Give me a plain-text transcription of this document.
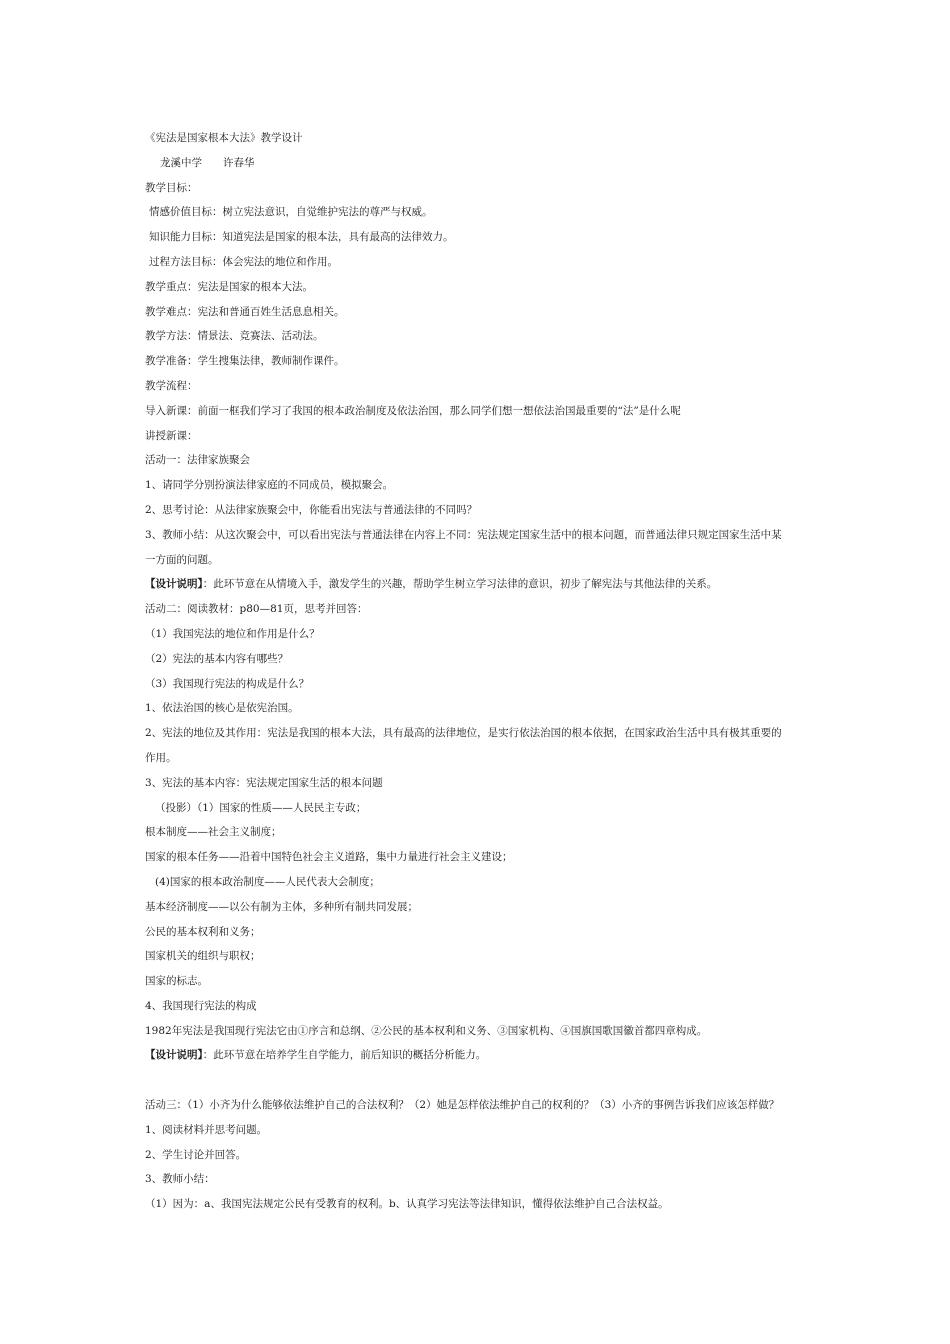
《宪法是国家根本大法》教学设计
龙溪中学　　许春华
教学目标：
情感价值目标：树立宪法意识，自觉维护宪法的尊严与权威。
知识能力目标：知道宪法是国家的根本法，具有最高的法律效力。
过程方法目标：体会宪法的地位和作用。
教学重点：宪法是国家的根本大法。
教学难点：宪法和普通百姓生活息息相关。
教学方法：情景法、竞赛法、活动法。
教学准备：学生搜集法律，教师制作课件。
教学流程：
导入新课：前面一框我们学习了我国的根本政治制度及依法治国，那么同学们想一想依法治国最重要的“法”是什么呢
讲授新课：
活动一：法律家族聚会
1、请同学分别扮演法律家庭的不同成员，模拟聚会。
2、思考讨论：从法律家族聚会中，你能看出宪法与普通法律的不同吗？
3、教师小结：从这次聚会中，可以看出宪法与普通法律在内容上不同：宪法规定国家生活中的根本问题，而普通法律只规定国家生活中某
一方面的问题。
【设计说明】：此环节意在从情境入手，激发学生的兴趣，帮助学生树立学习法律的意识，初步了解宪法与其他法律的关系。
活动二：阅读教材：p80—81页，思考并回答：
（1）我国宪法的地位和作用是什么？
（2）宪法的基本内容有哪些？
（3）我国现行宪法的构成是什么？
1、依法治国的核心是依宪治国。
2、宪法的地位及其作用：宪法是我国的根本大法，具有最高的法律地位，是实行依法治国的根本依据，在国家政治生活中具有极其重要的
作用。
3、宪法的基本内容：宪法规定国家生活的根本问题
（投影）（1）国家的性质——人民民主专政；
根本制度——社会主义制度；
国家的根本任务——沿着中国特色社会主义道路，集中力量进行社会主义建设；
(4)国家的根本政治制度——人民代表大会制度；
基本经济制度——以公有制为主体，多种所有制共同发展；
公民的基本权利和义务；
国家机关的组织与职权；
国家的标志。
4、我国现行宪法的构成
1982年宪法是我国现行宪法它由①序言和总纲、②公民的基本权利和义务、③国家机构、④国旗国歌国徽首都四章构成。
【设计说明】：此环节意在培养学生自学能力，前后知识的概括分析能力。
活动三：（1）小齐为什么能够依法维护自己的合法权利？（2）她是怎样依法维护自己的权利的？（3）小齐的事例告诉我们应该怎样做？
1、阅读材料并思考问题。
2、学生讨论并回答。
3、教师小结：
（1）因为：a、我国宪法规定公民有受教育的权利。b、认真学习宪法等法律知识，懂得依法维护自己合法权益。
